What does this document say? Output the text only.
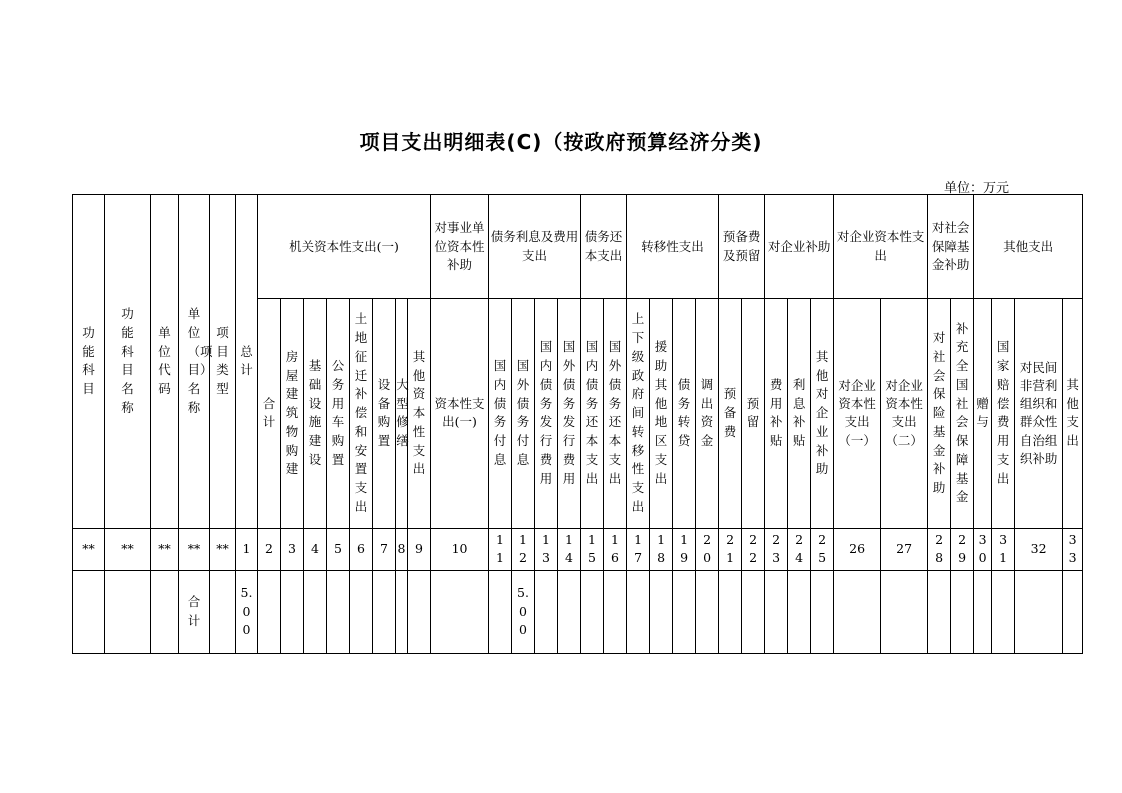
项目支出明细表(C)（按政府预算经济分类)
单位：万元
功能科目	功能科目名称	单位代码	单位（项目）名称	项目类型	总计	机关资本性支出(一)								对事业单位资本性补助	债务利息及费用支出				债务还本支出		转移性支出				预备费及预留		对企业补助			对企业资本性支出		对社会保障基金补助		其他支出			
						合计	房屋建筑物购建	基础设施建设	公务用车购置	土地征迁补偿和安置支出	设备购置	大型修缮	其他资本性支出	资本性支出(一)	国内债务付息	国外债务付息	国内债务发行费用	国外债务发行费用	国内债务还本支出	国外债务还本支出	上下级政府间转移性支出	援助其他地区支出	债务转贷	调出资金	预备费	预留	费用补贴	利息补贴	其他对企业补助	对企业资本性支出（一）	对企业资本性支出（二）	对社会保险基金补助	补充全国社会保障基金	赠与	国家赔偿费用支出	对民间非营利组织和群众性自治组织补助	其他支出
**	**	**	**	**	1	2	3	4	5	6	7	8	9	10	11	12	13	14	15	16	17	18	19	20	21	22	23	24	25	26	27	28	29	30	31	32	33
			合计		5.00											5.00																					
